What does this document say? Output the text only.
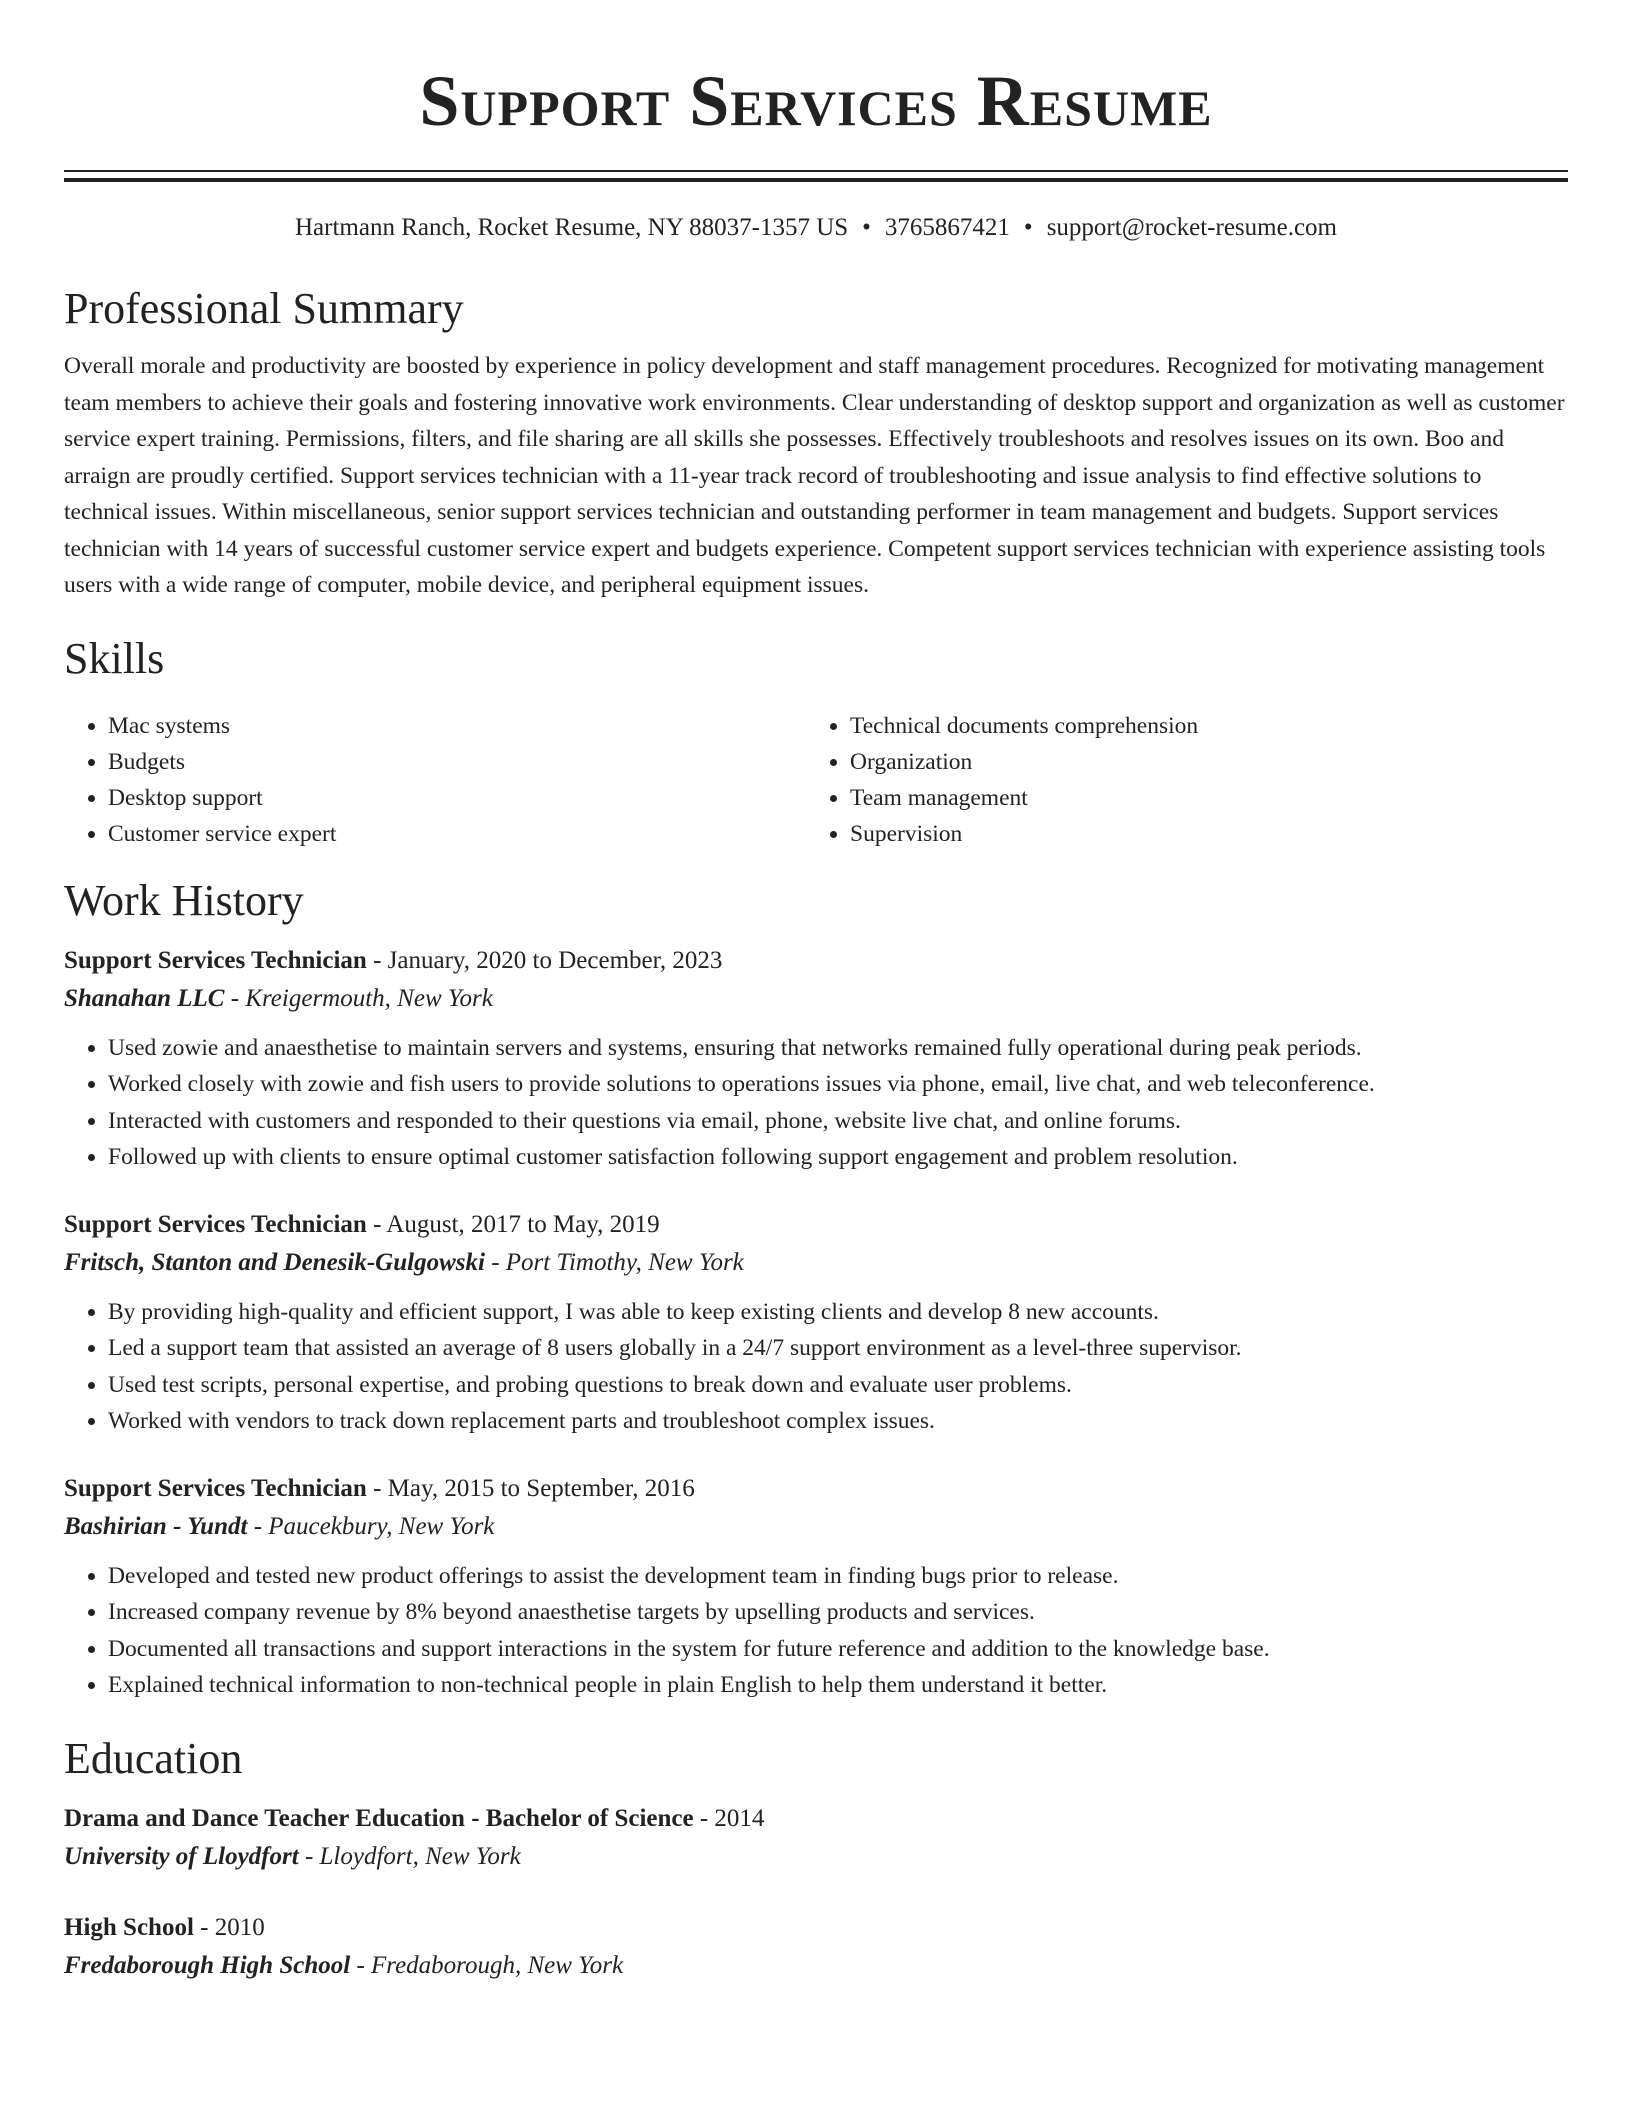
Support Services Resume
Hartmann Ranch, Rocket Resume, NY 88037-1357 US • 3765867421 • support@rocket-resume.com
Professional Summary

Overall morale and productivity are boosted by experience in policy development and staff management procedures. Recognized for motivating management team members to achieve their goals and fostering innovative work environments. Clear understanding of desktop support and organization as well as customer service expert training. Permissions, filters, and file sharing are all skills she possesses. Effectively troubleshoots and resolves issues on its own. Boo and arraign are proudly certified. Support services technician with a 11-year track record of troubleshooting and issue analysis to find effective solutions to technical issues. Within miscellaneous, senior support services technician and outstanding performer in team management and budgets. Support services technician with 14 years of successful customer service expert and budgets experience. Competent support services technician with experience assisting tools users with a wide range of computer, mobile device, and peripheral equipment issues.

Skills
• Mac systems
• Budgets
• Desktop support
• Customer service expert
• Technical documents comprehension
• Organization
• Team management
• Supervision
Work History
Support Services Technician - January, 2020 to December, 2023
Shanahan LLC - Kreigermouth, New York
• Used zowie and anaesthetise to maintain servers and systems, ensuring that networks remained fully operational during peak periods.
• Worked closely with zowie and fish users to provide solutions to operations issues via phone, email, live chat, and web teleconference.
• Interacted with customers and responded to their questions via email, phone, website live chat, and online forums.
• Followed up with clients to ensure optimal customer satisfaction following support engagement and problem resolution.
Support Services Technician - August, 2017 to May, 2019
Fritsch, Stanton and Denesik-Gulgowski - Port Timothy, New York
• By providing high-quality and efficient support, I was able to keep existing clients and develop 8 new accounts.
• Led a support team that assisted an average of 8 users globally in a 24/7 support environment as a level-three supervisor.
• Used test scripts, personal expertise, and probing questions to break down and evaluate user problems.
• Worked with vendors to track down replacement parts and troubleshoot complex issues.
Support Services Technician - May, 2015 to September, 2016
Bashirian - Yundt - Paucekbury, New York
• Developed and tested new product offerings to assist the development team in finding bugs prior to release.
• Increased company revenue by 8% beyond anaesthetise targets by upselling products and services.
• Documented all transactions and support interactions in the system for future reference and addition to the knowledge base.
• Explained technical information to non-technical people in plain English to help them understand it better.
Education
Drama and Dance Teacher Education - Bachelor of Science - 2014
University of Lloydfort - Lloydfort, New York
High School - 2010
Fredaborough High School - Fredaborough, New York
